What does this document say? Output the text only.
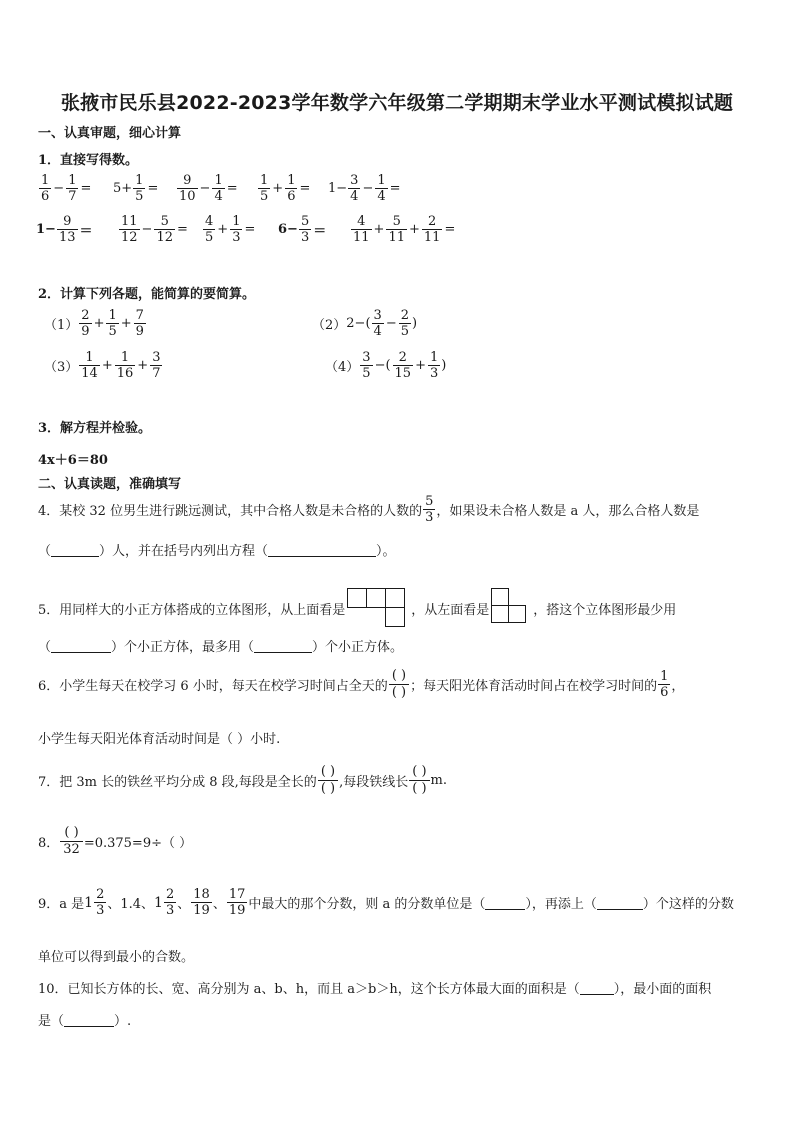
张掖市民乐县2022-2023学年数学六年级第二学期期末学业水平测试模拟试题
一、认真审题，细心计算
1．直接写得数。
$\frac{1}{6} - \frac{1}{7} = 5+ \frac{1}{5} = \frac{9}{10} - \frac{1}{4} = \frac{1}{5} + \frac{1}{6} = 1- \frac{3}{4} - \frac{1}{4}$ =
$1- \frac{9}{13} = \frac{11}{12} - \frac{5}{12} = \frac{4}{5} + \frac{1}{3} = 6- \frac{5}{3} = \frac{4}{11} + \frac{5}{11} + \frac{2}{11}$ =
2．计算下列各题，能简算的要简算。
$(1) \frac{2}{9} + \frac{1}{5} + \frac{7}{9}$	（2） $2-( \frac{3}{4} - \frac{2}{5}$ )
$(3) \frac{1}{14} + \frac{1}{16} + \frac{3}{7}$	$(4) \frac{3}{5}$ −( $\frac{2}{15} + \frac{1}{3}$ )
3．解方程并检验。
4x＋6＝80
二、认真读题，准确填写
4．某校 32 位男生进行跳远测试，其中合格人数是未合格的人数的 $\frac{5}{3}$ ，如果设未合格人数是 a 人，那么合格人数是
（	）人，并在括号内列出方程（	）。
5．用同样大的小正方体搭成的立体图形，从上面看是	，从左面看是	，搭这个立体图形最少用
（	）个小正方体，最多用（	）个小正方体。
6．小学生每天在校学习 6 小时，每天在校学习时间占全天的 $\frac{( )}{( )}$ ；每天阳光体育活动时间占在校学习时间的 $\frac{1}{6}$ ，
小学生每天阳光体育活动时间是（ ）小时.
7．把 3m 长的铁丝平均分成 8 段,每段是全长的 $\frac{( )}{( )}$ ,每段铁线长 $\frac{( )}{( )} m$.
8． $\frac{( )}{32} =0.375=9\div$（ ）
9．a 是 $1 \frac{2}{3}$ 、1.4、 $1 \frac{2}{3}$ 、 $\frac{18}{19}$ 、 $\frac{17}{19}$ 中最大的那个分数，则 a 的分数单位是（	），再添上（	）个这样的分数
单位可以得到最小的合数。
10．已知长方体的长、宽、高分别为 a、b、h，而且 a＞b＞h，这个长方体最大面的面积是（	），最小面的面积
是（	）.
